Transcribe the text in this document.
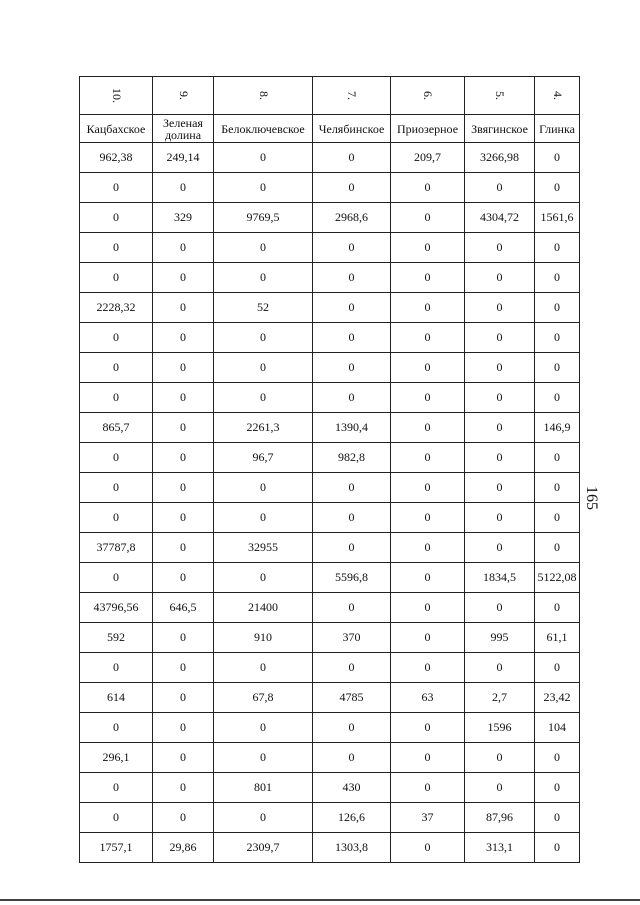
10.	9.	8.	7.	6.	5.	4.
Кацбахское	Зеленая долина	Белоключевское	Челябинское	Приозерное	Звягинское	Глинка
962,38	249,14	0	0	209,7	3266,98	0
0	0	0	0	0	0	0
0	329	9769,5	2968,6	0	4304,72	1561,6
0	0	0	0	0	0	0
0	0	0	0	0	0	0
2228,32	0	52	0	0	0	0
0	0	0	0	0	0	0
0	0	0	0	0	0	0
0	0	0	0	0	0	0
865,7	0	2261,3	1390,4	0	0	146,9
0	0	96,7	982,8	0	0	0
0	0	0	0	0	0	0
0	0	0	0	0	0	0
37787,8	0	32955	0	0	0	0
0	0	0	5596,8	0	1834,5	5122,08
43796,56	646,5	21400	0	0	0	0
592	0	910	370	0	995	61,1
0	0	0	0	0	0	0
614	0	67,8	4785	63	2,7	23,42
0	0	0	0	0	1596	104
296,1	0	0	0	0	0	0
0	0	801	430	0	0	0
0	0	0	126,6	37	87,96	0
1757,1	29,86	2309,7	1303,8	0	313,1	0
165
